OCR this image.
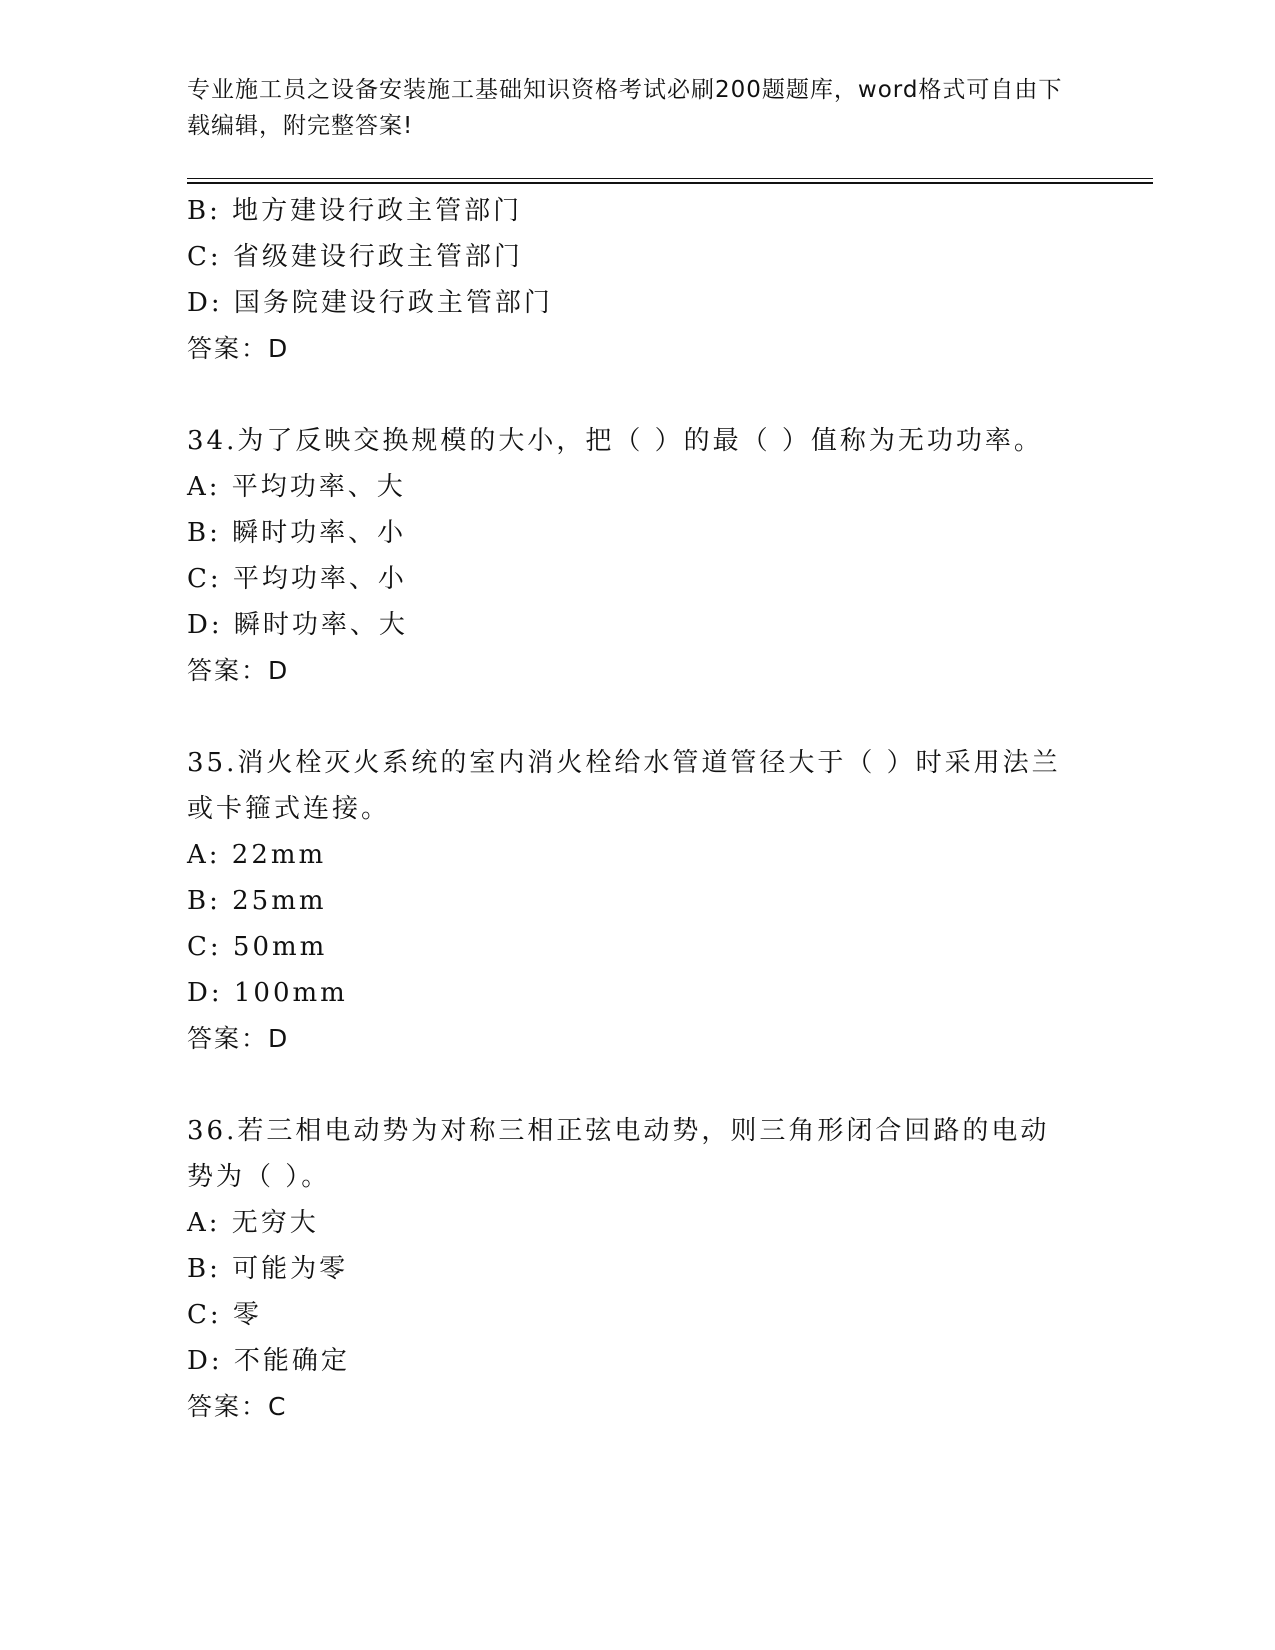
专业施工员之设备安装施工基础知识资格考试必刷200题题库，word格式可自由下载编辑，附完整答案!
B: 地方建设行政主管部门
C: 省级建设行政主管部门
D: 国务院建设行政主管部门
答案：D
34.为了反映交换规模的大小，把（ ）的最（ ）值称为无功功率。
A: 平均功率、大
B: 瞬时功率、小
C: 平均功率、小
D: 瞬时功率、大
答案：D
35.消火栓灭火系统的室内消火栓给水管道管径大于（ ）时采用法兰或卡箍式连接。
A: 22mm
B: 25mm
C: 50mm
D: 100mm
答案：D
36.若三相电动势为对称三相正弦电动势，则三角形闭合回路的电动势为（ ）。
A: 无穷大
B: 可能为零
C: 零
D: 不能确定
答案：C
